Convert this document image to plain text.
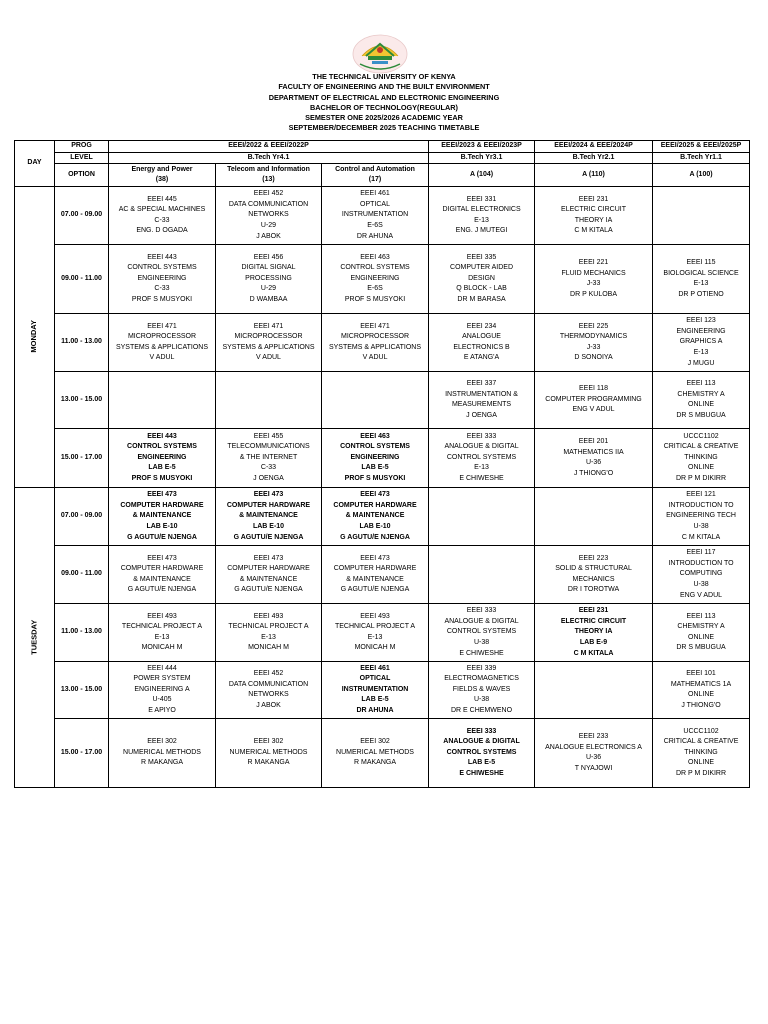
THE TECHNICAL UNIVERSITY OF KENYA
FACULTY OF ENGINEERING AND THE BUILT ENVIRONMENT
DEPARTMENT OF ELECTRICAL AND ELECTRONIC ENGINEERING
BACHELOR OF TECHNOLOGY(REGULAR)
SEMESTER ONE 2025/2026 ACADEMIC YEAR
SEPTEMBER/DECEMBER 2025 TEACHING TIMETABLE
DAY	PROG	EEEI/2022 & EEEI/2022P			EEEI/2023 & EEEI/2023P	EEEI/2024 & EEE/2024P	EEEI/2025 & EEEI/2025P
	LEVEL	B.Tech Yr4.1			B.Tech Yr3.1	B.Tech Yr2.1	B.Tech Yr1.1
	OPTION	Energy and Power
(38)	Telecom and Information
(13)	Control and Automation
(17)	A (104)	A (110)	A (100)

MONDAY	07.00 - 09.00	EEEI 445
AC & SPECIAL MACHINES
C-33
ENG. D OGADA	EEEI 452
DATA COMMUNICATION
NETWORKS
U-29
J ABOK	EEEI 461
OPTICAL
INSTRUMENTATION
E-6S
DR AHUNA	EEEI 331
DIGITAL ELECTRONICS
E-13
ENG. J MUTEGI	EEEI 231
ELECTRIC CIRCUIT
THEORY IA
C M KITALA	

	09.00 - 11.00	EEEI 443
CONTROL SYSTEMS
ENGINEERING
C-33
PROF S MUSYOKI	EEEI 456
DIGITAL SIGNAL
PROCESSING
U-29
D WAMBAA	EEEI 463
CONTROL SYSTEMS
ENGINEERING
E-6S
PROF S MUSYOKI	EEEI 335
COMPUTER AIDED
DESIGN
Q BLOCK - LAB
DR M BARASA	EEEI 221
FLUID MECHANICS
J-33
DR P KULOBA	EEEI 115
BIOLOGICAL SCIENCE
E-13
DR P OTIENO

	11.00 - 13.00	EEEI 471
MICROPROCESSOR
SYSTEMS & APPLICATIONS
V ADUL	EEEI 471
MICROPROCESSOR
SYSTEMS & APPLICATIONS
V ADUL	EEEI 471
MICROPROCESSOR
SYSTEMS & APPLICATIONS
V ADUL	EEEI 234
ANALOGUE
ELECTRONICS B
E ATANG'A	EEEI 225
THERMODYNAMICS
J-33
D SONOIYA	EEEI 123
ENGINEERING
GRAPHICS A
E-13
J MUGU

	13.00 - 15.00				EEEI 337
INSTRUMENTATION &
MEASUREMENTS
J OENGA	EEEI 118
COMPUTER PROGRAMMING
ENG V ADUL	EEEI 113
CHEMISTRY A
ONLINE
DR S MBUGUA

	15.00 - 17.00	EEEI 443
CONTROL SYSTEMS
ENGINEERING
LAB E-5
PROF S MUSYOKI	EEEI 455
TELECOMMUNICATIONS
& THE INTERNET
C-33
J OENGA	EEEI 463
CONTROL SYSTEMS
ENGINEERING
LAB E-5
PROF S MUSYOKI	EEEI 333
ANALOGUE & DIGITAL
CONTROL SYSTEMS
E-13
E CHIWESHE	EEEI 201
MATHEMATICS IIA
U-36
J THIONG'O	UCCC1102
CRITICAL & CREATIVE
THINKING
ONLINE
DR P M DIKIRR

TUESDAY	07.00 - 09.00	EEEI 473
COMPUTER HARDWARE
& MAINTENANCE
LAB E-10
G AGUTU/E NJENGA	EEEI 473
COMPUTER HARDWARE
& MAINTENANCE
LAB E-10
G AGUTU/E NJENGA	EEEI 473
COMPUTER HARDWARE
& MAINTENANCE
LAB E-10
G AGUTU/E NJENGA			EEEI 121
INTRODUCTION TO
ENGINEERING TECH
U-38
C M KITALA

	09.00 - 11.00	EEEI 473
COMPUTER HARDWARE
& MAINTENANCE
G AGUTU/E NJENGA	EEEI 473
COMPUTER HARDWARE
& MAINTENANCE
G AGUTU/E NJENGA	EEEI 473
COMPUTER HARDWARE
& MAINTENANCE
G AGUTU/E NJENGA		EEEI 223
SOLID & STRUCTURAL
MECHANICS
DR I TOROTWA	EEEI 117
INTRODUCTION TO
COMPUTING
U-38
ENG V ADUL

	11.00 - 13.00	EEEI 493
TECHNICAL PROJECT A
E-13
MONICAH M	EEEI 493
TECHNICAL PROJECT A
E-13
MONICAH M	EEEI 493
TECHNICAL PROJECT A
E-13
MONICAH M	EEEI 333
ANALOGUE & DIGITAL
CONTROL SYSTEMS
U-38
E CHIWESHE	EEEI 231
ELECTRIC CIRCUIT
THEORY IA
LAB E-9
C M KITALA	EEEI 113
CHEMISTRY A
ONLINE
DR S MBUGUA

	13.00 - 15.00	EEEI 444
POWER SYSTEM
ENGINEERING A
U-405
E APIYO	EEEI 452
DATA COMMUNICATION
NETWORKS
J ABOK	EEEI 461
OPTICAL
INSTRUMENTATION
LAB E-5
DR AHUNA	EEEI 339
ELECTROMAGNETICS
FIELDS & WAVES
U-38
DR E CHEMWENO		EEEI 101
MATHEMATICS 1A
ONLINE
J THIONG'O

	15.00 - 17.00	EEEI 302
NUMERICAL METHODS
R MAKANGA	EEEI 302
NUMERICAL METHODS
R MAKANGA	EEEI 302
NUMERICAL METHODS
R MAKANGA	EEEI 333
ANALOGUE & DIGITAL
CONTROL SYSTEMS
LAB E-5
E CHIWESHE	EEEI 233
ANALOGUE ELECTRONICS A
U-36
T NYAJOWI	UCCC1102
CRITICAL & CREATIVE
THINKING
ONLINE
DR P M DIKIRR
